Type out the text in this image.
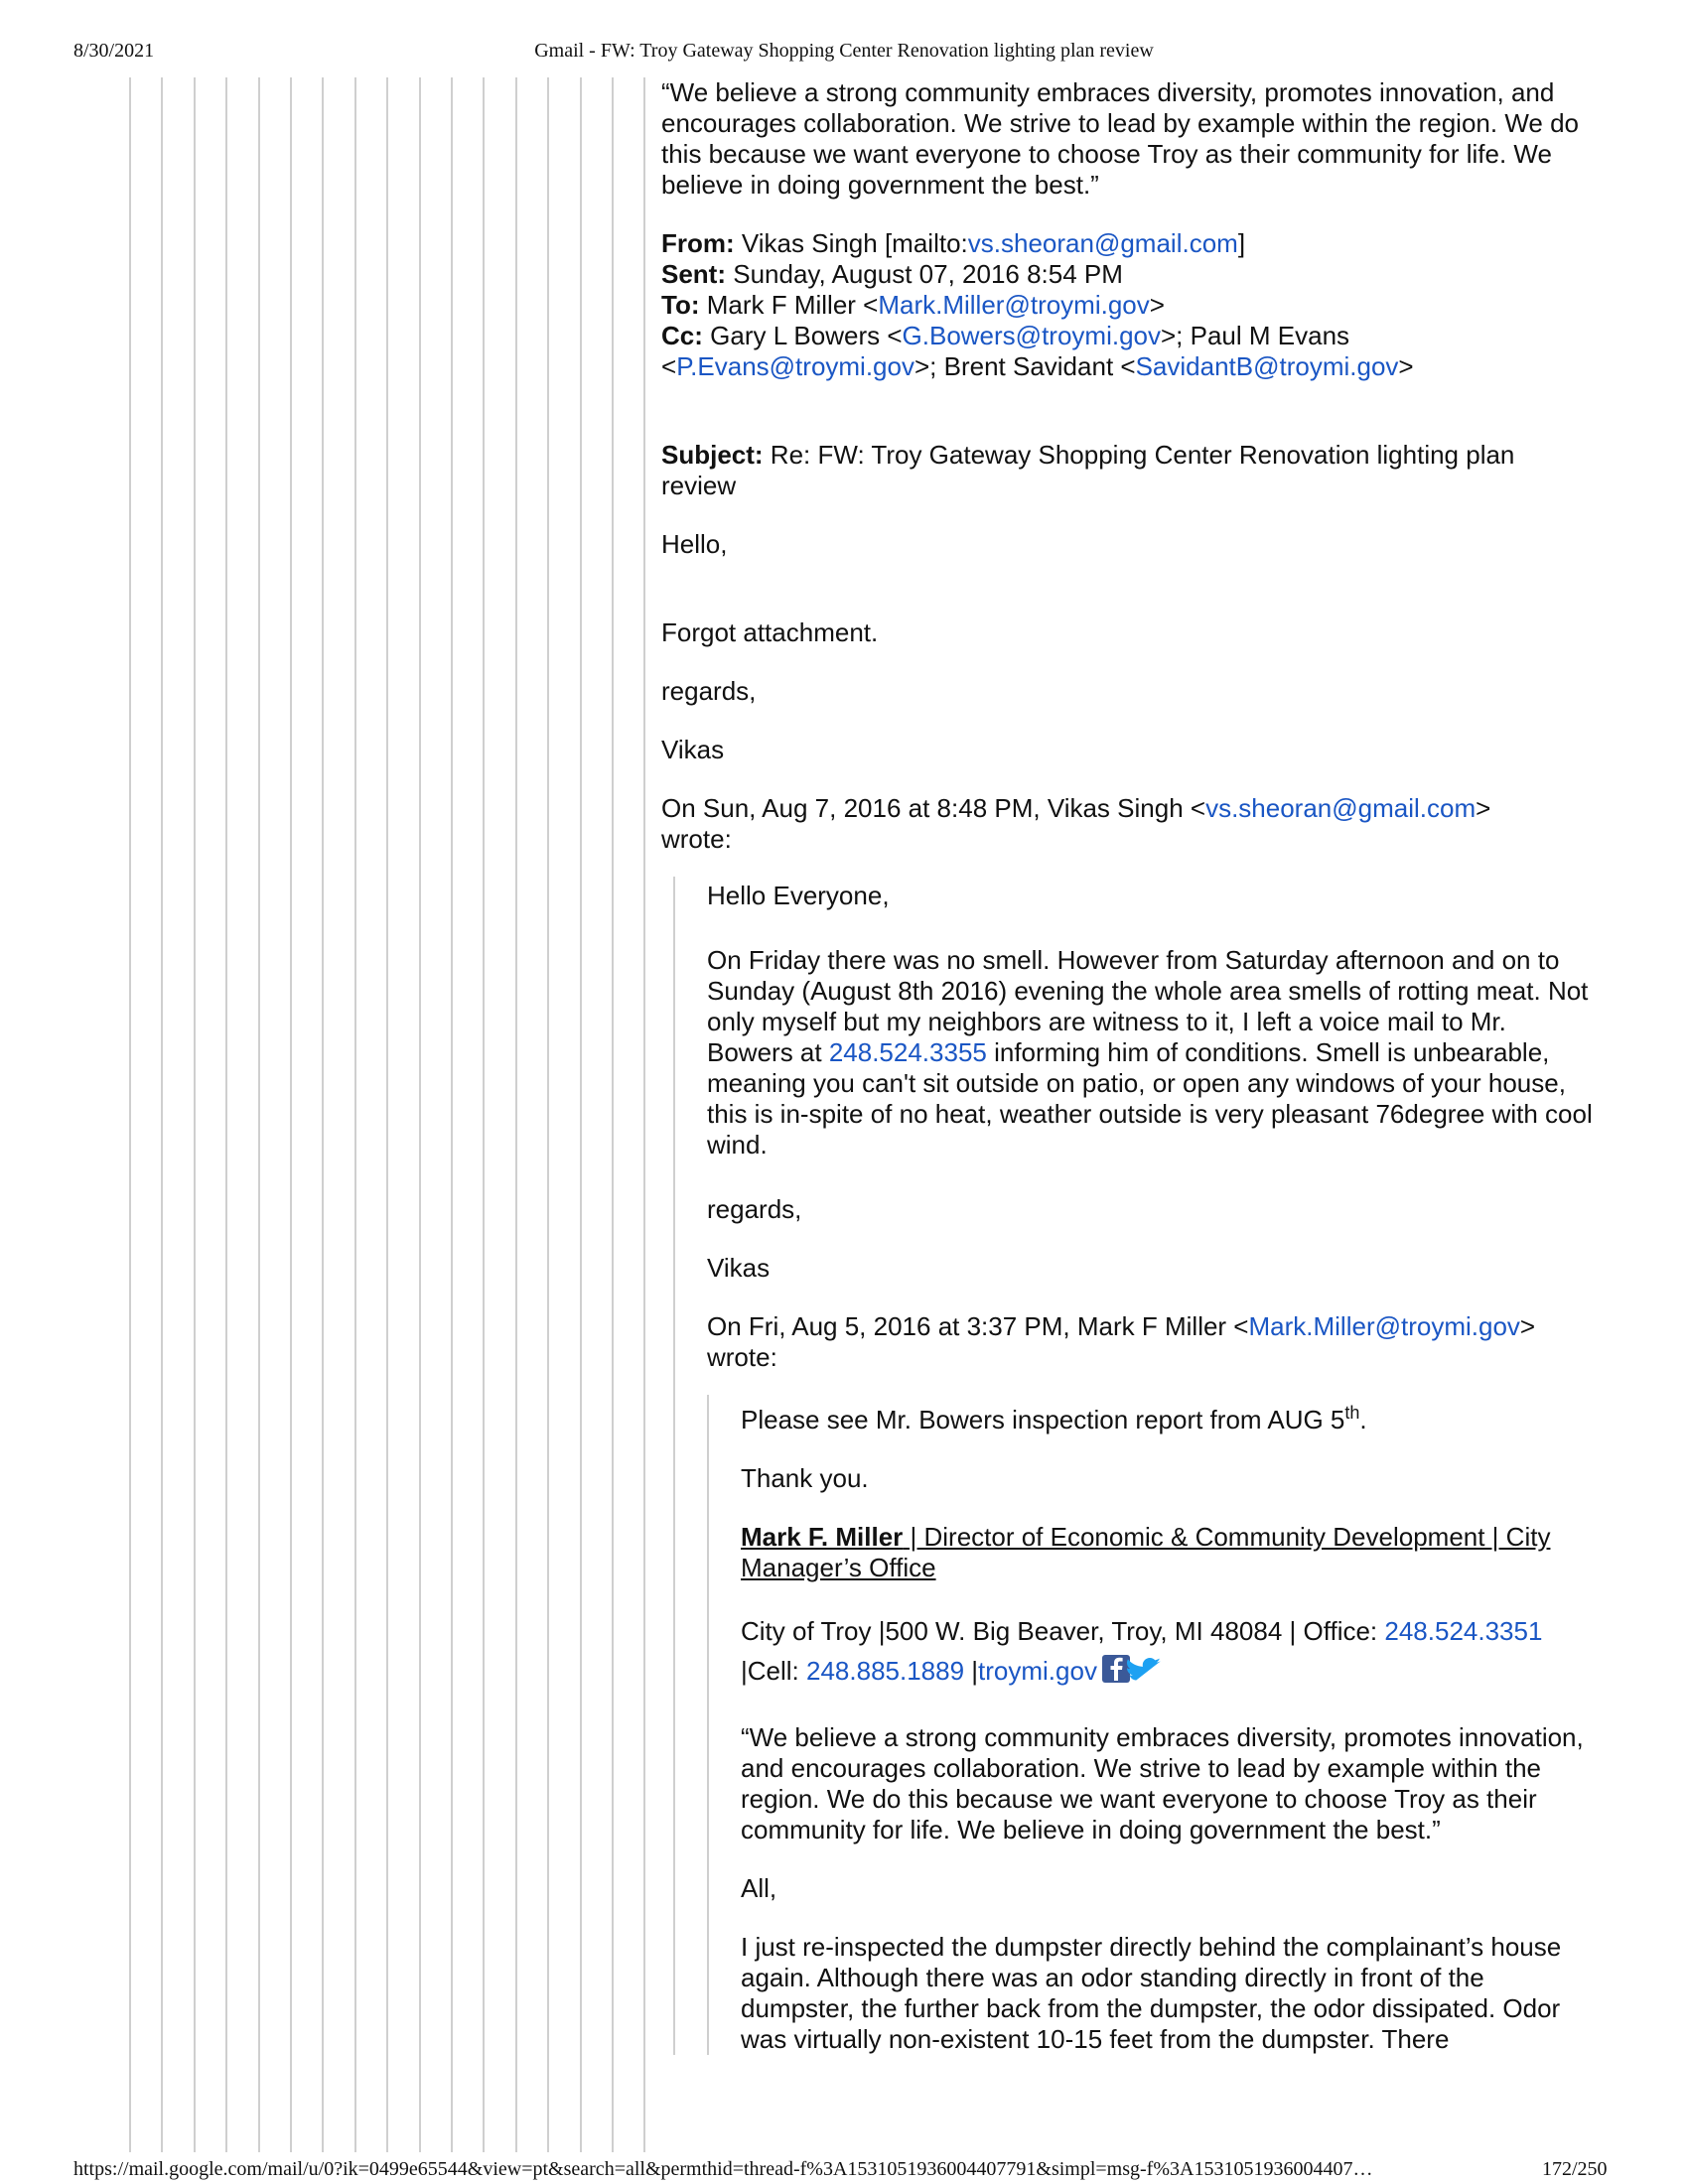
8/30/2021	Gmail - FW: Troy Gateway Shopping Center Renovation lighting plan review

“We believe a strong community embraces diversity, promotes innovation, and encourages collaboration. We strive to lead by example within the region. We do this because we want everyone to choose Troy as their community for life. We believe in doing government the best.”

From: Vikas Singh [mailto:vs.sheoran@gmail.com]

Sent: Sunday, August 07, 2016 8:54 PM

To: Mark F Miller <Mark.Miller@troymi.gov>

Cc: Gary L Bowers <G.Bowers@troymi.gov>; Paul M Evans
<P.Evans@troymi.gov>; Brent Savidant <SavidantB@troymi.gov>

Subject: Re: FW: Troy Gateway Shopping Center Renovation lighting plan review

Hello,

Forgot attachment.

regards,

Vikas

On Sun, Aug 7, 2016 at 8:48 PM, Vikas Singh <vs.sheoran@gmail.com>
wrote:

Hello Everyone,

On Friday there was no smell. However from Saturday afternoon and on to Sunday (August 8th 2016) evening the whole area smells of rotting meat. Not only myself but my neighbors are witness to it, I left a voice mail to Mr. Bowers at 248.524.3355 informing him of conditions. Smell is unbearable, meaning you can't sit outside on patio, or open any windows of your house, this is in-spite of no heat, weather outside is very pleasant 76degree with cool wind.

regards,

Vikas

On Fri, Aug 5, 2016 at 3:37 PM, Mark F Miller <Mark.Miller@troymi.gov>
wrote:

Please see Mr. Bowers inspection report from AUG 5th.

Thank you.

Mark F. Miller | Director of Economic & Community Development | City Manager’s Office

City of Troy |500 W. Big Beaver, Troy, MI 48084 | Office: 248.524.3351
|Cell: 248.885.1889 |troymi.gov

“We believe a strong community embraces diversity, promotes innovation, and encourages collaboration. We strive to lead by example within the region. We do this because we want everyone to choose Troy as their community for life. We believe in doing government the best.”

All,

I just re-inspected the dumpster directly behind the complainant’s house again. Although there was an odor standing directly in front of the dumpster, the further back from the dumpster, the odor dissipated. Odor was virtually non-existent 10-15 feet from the dumpster. There

https://mail.google.com/mail/u/0?ik=0499e65544&view=pt&search=all&permthid=thread-f%3A1531051936004407791&simpl=msg-f%3A1531051936004407…	172/250
